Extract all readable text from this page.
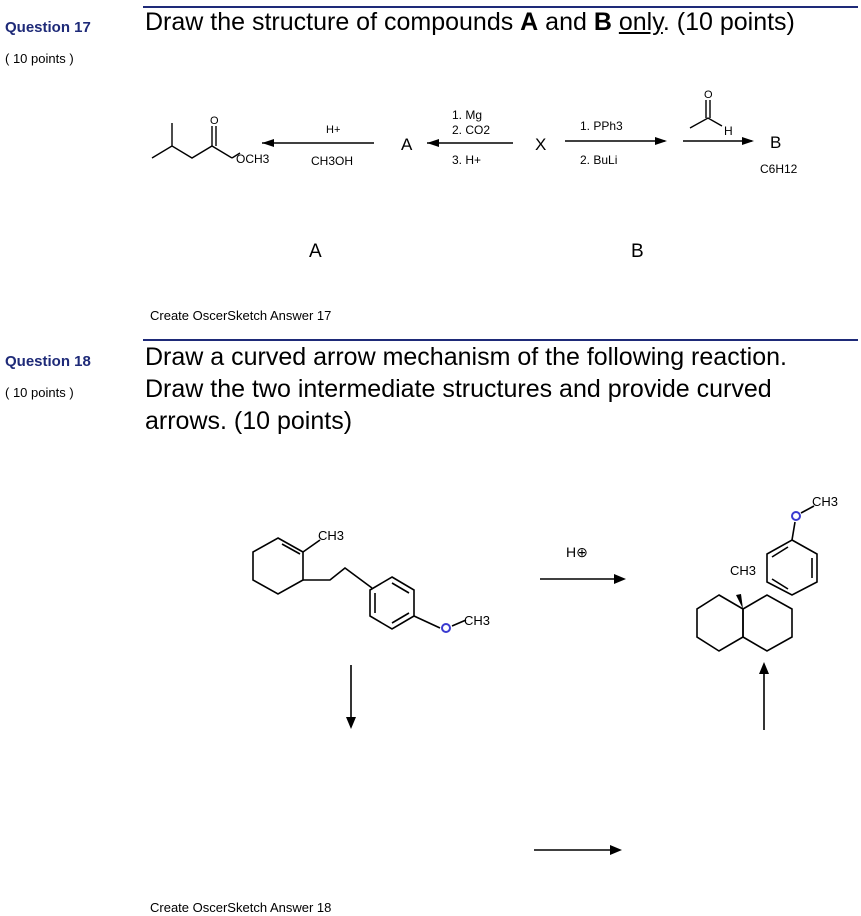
Question 17
( 10 points )
Draw the structure of compounds A and B only. (10 points)
O
O
OCH3
H+
CH3OH
A
1. Mg
2. CO2
3. H+
X
1. PPh3
2. BuLi
H
B
C6H12
A	B
Create OscerSketch Answer 17
Question 18
( 10 points )
Draw a curved arrow mechanism of the following reaction.
Draw the two intermediate structures and provide curved
arrows. (10 points)
CH3
CH3
H⊕
CH3
CH3
Create OscerSketch Answer 18
